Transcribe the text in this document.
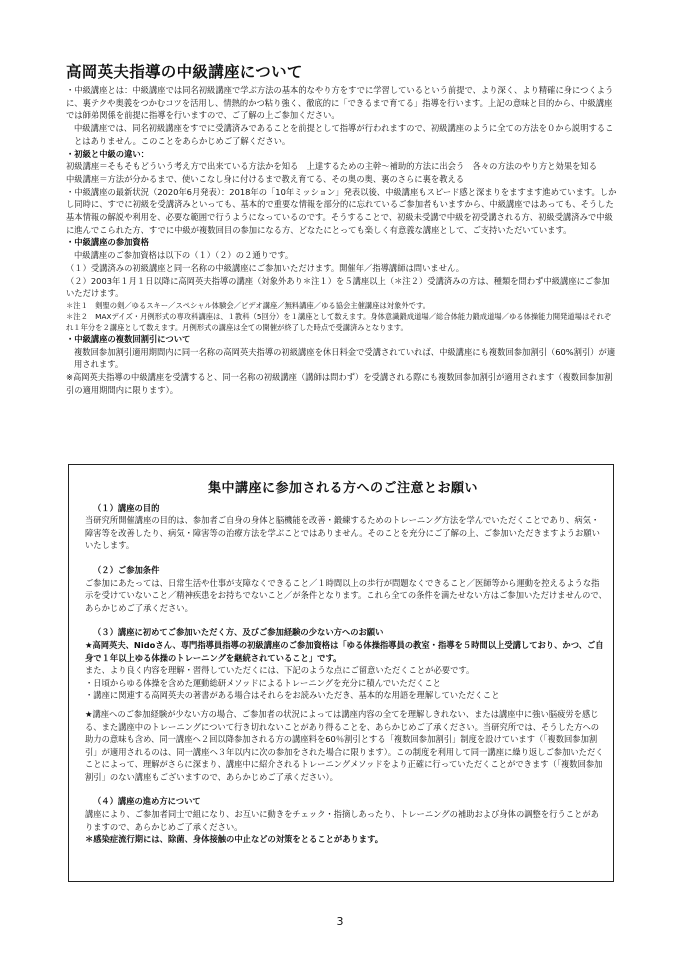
高岡英夫指導の中級講座について

・中級講座とは：中級講座では同名初級講座で学ぶ方法の基本的なやり方をすでに学習しているという前提で、より深く、より精確に身につくように、裏テクや奥義をつかむコツを活用し、情熱的かつ粘り強く、徹底的に「できるまで育てる」指導を行います。上記の意味と目的から、中級講座では師弟関係を前提に指導を行いますので、ご了解の上ご参加ください。

中級講座では、同名初級講座をすでに受講済みであることを前提として指導が行われますので、初級講座のように全ての方法を０から説明することはありません。このことをあらかじめご了解ください。

・初級と中級の違い：

初級講座＝そもそもどういう考え方で出来ている方法かを知る　上達するための主幹～補助的方法に出会う　各々の方法のやり方と効果を知る

中級講座＝方法が分かるまで、使いこなし身に付けるまで教え育てる、その奥の奥、裏のさらに裏を教える

・中級講座の最新状況（2020年6月発表）：2018年の「10年ミッション」発表以後、中級講座もスピード感と深まりをますます進めています。しかし同時に、すでに初級を受講済みといっても、基本的で重要な情報を部分的に忘れているご参加者もいますから、中級講座ではあっても、そうした基本情報の解説や利用を、必要な範囲で行うようになっているのです。そうすることで、初級未受講で中級を初受講される方、初級受講済みで中級に進んでこられた方、すでに中級が複数回目の参加になる方、どなたにとっても楽しく有意義な講座として、ご支持いただいています。

・中級講座の参加資格

中級講座のご参加資格は以下の（１）（２）の２通りです。

（１）受講済みの初級講座と同一名称の中級講座にご参加いただけます。開催年／指導講師は問いません。

（２）2003年１月１日以降に高岡英夫指導の講座（対象外あり＊注１）を５講座以上（＊注２）受講済みの方は、種類を問わず中級講座にご参加いただけます。

＊注１　剣聖の剣／ゆるスキー／スペシャル体験会／ビデオ講座／無料講座／ゆる協会主催講座は対象外です。

＊注２　MAXデイズ・月例形式の専攻科講座は、１教科（5回分）を１講座として数えます。身体意識鍛成道場／総合体能力鍛成道場／ゆる体操能力開発道場はそれぞれ１年分を２講座として数えます。月例形式の講座は全ての開催が終了した時点で受講済みとなります。

・中級講座の複数回割引について

複数回参加割引適用期間内に同一名称の高岡英夫指導の初級講座を休日料金で受講されていれば、中級講座にも複数回参加割引（60%割引）が適用されます。

※高岡英夫指導の中級講座を受講すると、同一名称の初級講座（講師は問わず）を受講される際にも複数回参加割引が適用されます（複数回参加割引の適用期間内に限ります）。

集中講座に参加される方へのご注意とお願い

（１）講座の目的

当研究所開催講座の目的は、参加者ご自身の身体と脳機能を改善・鍛練するためのトレーニング方法を学んでいただくことであり、病気・障害等を改善したり、病気・障害等の治療方法を学ぶことではありません。そのことを充分にご了解の上、ご参加いただきますようお願いいたします。

（２）ご参加条件

ご参加にあたっては、日常生活や仕事が支障なくできること／１時間以上の歩行が問題なくできること／医師等から運動を控えるような指示を受けていないこと／精神疾患をお持ちでないこと／が条件となります。これら全ての条件を満たせない方はご参加いただけませんので、あらかじめご了承ください。

（３）講座に初めてご参加いただく方、及びご参加経験の少ない方へのお願い

★高岡英夫、Nidoさん、専門指導員指導の初級講座のご参加資格は「ゆる体操指導員の教室・指導を５時間以上受講しており、かつ、ご自身で１年以上ゆる体操のトレーニングを継続されていること」です。

また、より良く内容を理解・習得していただくには、下記のような点にご留意いただくことが必要です。

・日頃からゆる体操を含めた運動総研メソッドによるトレーニングを充分に積んでいただくこと

・講座に関連する高岡英夫の著書がある場合はそれらをお読みいただき、基本的な用語を理解していただくこと

★講座へのご参加経験が少ない方の場合、ご参加者の状況によっては講座内容の全てを理解しきれない、または講座中に強い脳疲労を感じる、また講座中のトレーニングについて行き切れないことがあり得ることを、あらかじめご了承ください。当研究所では、そうした方への助力の意味も含め、同一講座へ２回以降参加される方の講座料を60％割引とする「複数回参加割引」制度を設けています（「複数回参加割引」が適用されるのは、同一講座へ３年以内に次の参加をされた場合に限ります）。この制度を利用して同一講座に繰り返しご参加いただくことによって、理解がさらに深まり、講座中に紹介されるトレーニングメソッドをより正確に行っていただくことができます（「複数回参加割引」のない講座もございますので、あらかじめご了承ください）。

（４）講座の進め方について

講座により、ご参加者同士で組になり、お互いに動きをチェック・指摘しあったり、トレーニングの補助および身体の調整を行うことがありますので、あらかじめご了承ください。

＊感染症流行期には、除菌、身体接触の中止などの対策をとることがあります。

3
